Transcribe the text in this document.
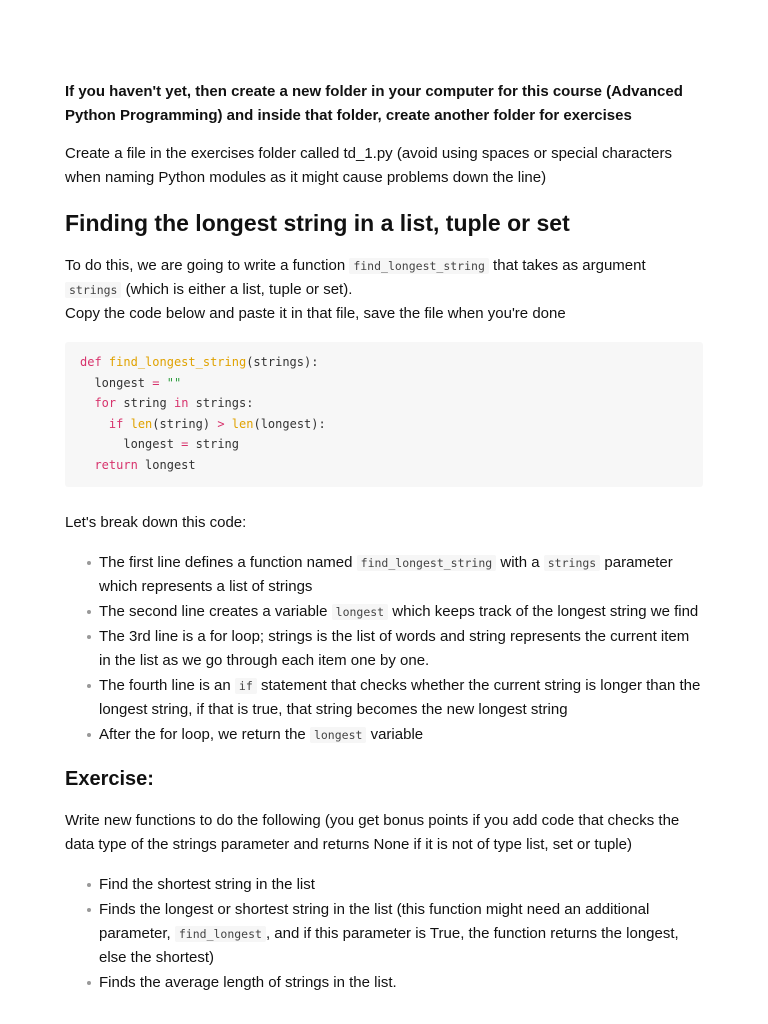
If you haven't yet, then create a new folder in your computer for this course (Advanced Python Programming) and inside that folder, create another folder for exercises

Create a file in the exercises folder called td_1.py (avoid using spaces or special characters when naming Python modules as it might cause problems down the line)

Finding the longest string in a list, tuple or set

To do this, we are going to write a function find_longest_string that takes as argument strings (which is either a list, tuple or set).

Copy the code below and paste it in that file, save the file when you're done

def find_longest_string(strings):
longest = ""
for string in strings:
if len(string) > len(longest):
longest = string
return longest

Let's break down this code:

The first line defines a function named find_longest_string with a strings parameter which represents a list of strings
The second line creates a variable longest which keeps track of the longest string we find
The 3rd line is a for loop; strings is the list of words and string represents the current item in the list as we go through each item one by one.
The fourth line is an if statement that checks whether the current string is longer than the longest string, if that is true, that string becomes the new longest string
After the for loop, we return the longest variable
Exercise:

Write new functions to do the following (you get bonus points if you add code that checks the data type of the strings parameter and returns None if it is not of type list, set or tuple)

Find the shortest string in the list
Finds the longest or shortest string in the list (this function might need an additional parameter, find_longest , and if this parameter is True, the function returns the longest, else the shortest)
Finds the average length of strings in the list.
